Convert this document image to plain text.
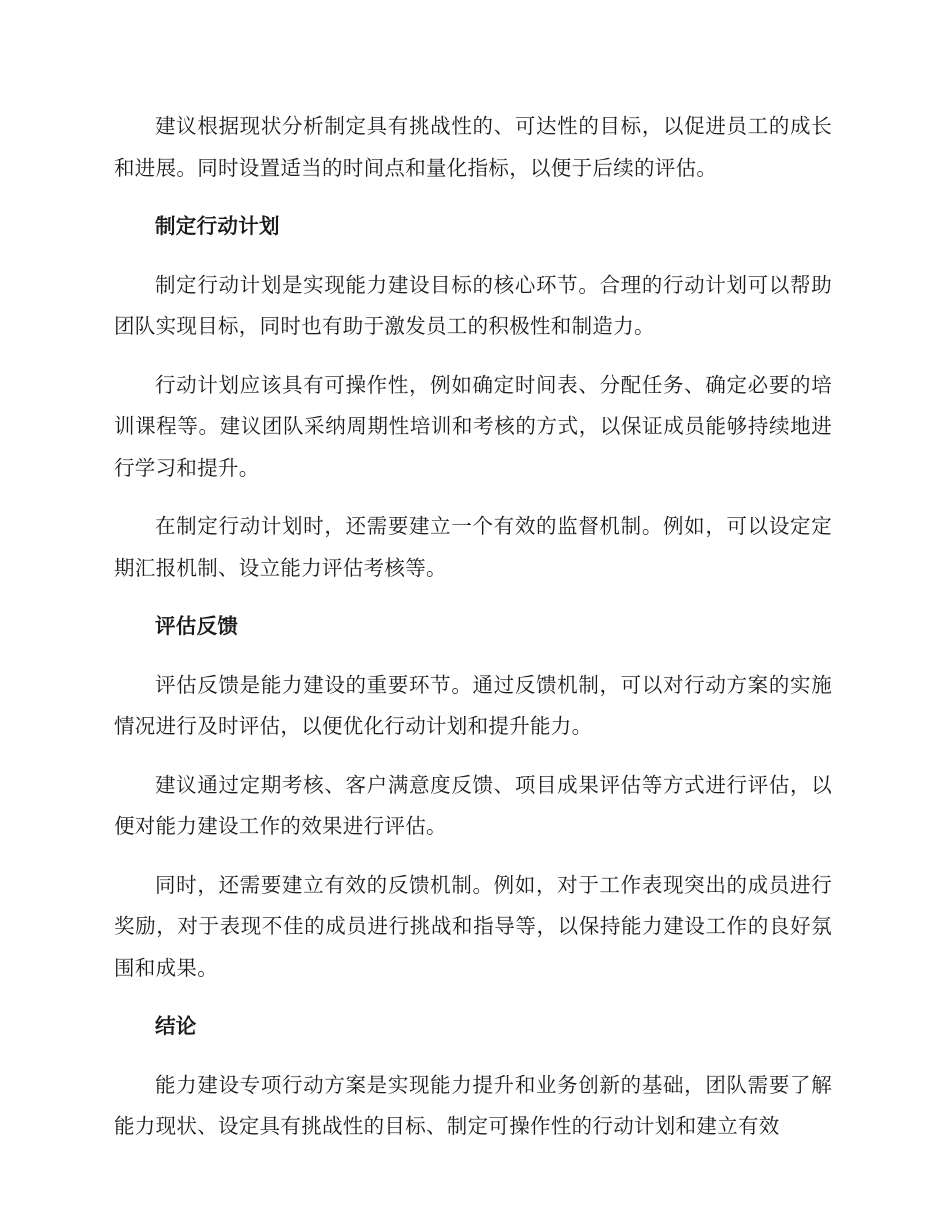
建议根据现状分析制定具有挑战性的、可达性的目标，以促进员工的成长和进展。同时设置适当的时间点和量化指标，以便于后续的评估。

制定行动计划

制定行动计划是实现能力建设目标的核心环节。合理的行动计划可以帮助团队实现目标，同时也有助于激发员工的积极性和制造力。

行动计划应该具有可操作性，例如确定时间表、分配任务、确定必要的培训课程等。建议团队采纳周期性培训和考核的方式，以保证成员能够持续地进行学习和提升。

在制定行动计划时，还需要建立一个有效的监督机制。例如，可以设定定期汇报机制、设立能力评估考核等。

评估反馈

评估反馈是能力建设的重要环节。通过反馈机制，可以对行动方案的实施情况进行及时评估，以便优化行动计划和提升能力。

建议通过定期考核、客户满意度反馈、项目成果评估等方式进行评估，以便对能力建设工作的效果进行评估。

同时，还需要建立有效的反馈机制。例如，对于工作表现突出的成员进行奖励，对于表现不佳的成员进行挑战和指导等，以保持能力建设工作的良好氛围和成果。

结论

能力建设专项行动方案是实现能力提升和业务创新的基础，团队需要了解能力现状、设定具有挑战性的目标、制定可操作性的行动计划和建立有效
